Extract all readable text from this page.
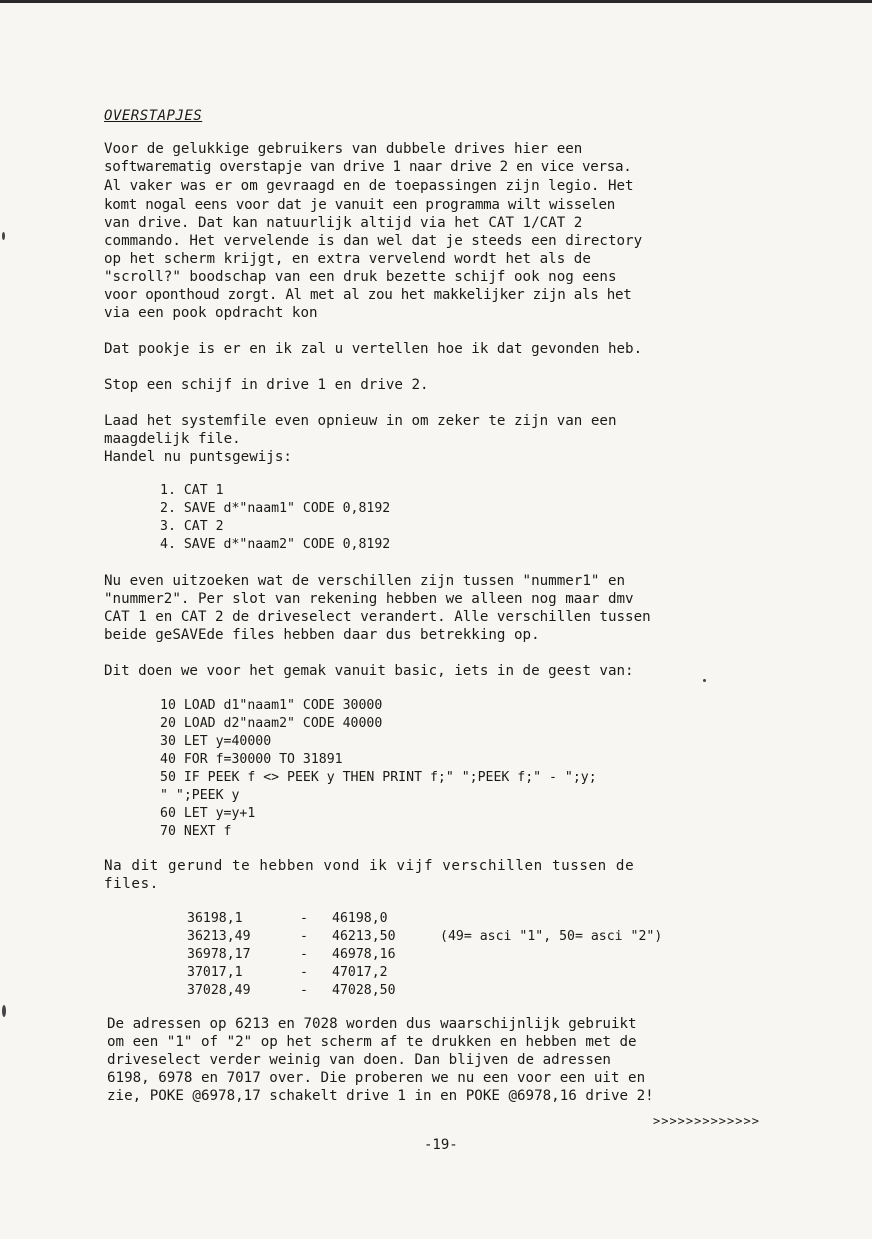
OVERSTAPJES
Voor de gelukkige gebruikers van dubbele drives hier een
softwarematig overstapje van drive 1 naar drive 2 en vice versa.
Al vaker was er om gevraagd en de toepassingen zijn legio. Het
komt nogal eens voor dat je vanuit een programma wilt wisselen
van drive. Dat kan natuurlijk altijd via het CAT 1/CAT 2
commando. Het vervelende is dan wel dat je steeds een directory
op het scherm krijgt, en extra vervelend wordt het als de
"scroll?" boodschap van een druk bezette schijf ook nog eens
voor oponthoud zorgt. Al met al zou het makkelijker zijn als het
via een pook opdracht kon
Dat pookje is er en ik zal u vertellen hoe ik dat gevonden heb.
Stop een schijf in drive 1 en drive 2.
Laad het systemfile even opnieuw in om zeker te zijn van een
maagdelijk file.
Handel nu puntsgewijs:
1. CAT 1
2. SAVE d*"naam1" CODE 0,8192
3. CAT 2
4. SAVE d*"naam2" CODE 0,8192
Nu even uitzoeken wat de verschillen zijn tussen "nummer1" en
"nummer2". Per slot van rekening hebben we alleen nog maar dmv
CAT 1 en CAT 2 de driveselect verandert. Alle verschillen tussen
beide geSAVEde files hebben daar dus betrekking op.
Dit doen we voor het gemak vanuit basic, iets in de geest van:
10 LOAD d1"naam1" CODE 30000
20 LOAD d2"naam2" CODE 40000
30 LET y=40000
40 FOR f=30000 TO 31891
50 IF PEEK f <> PEEK y THEN PRINT f;" ";PEEK f;" - ";y;
" ";PEEK y
60 LET y=y+1
70 NEXT f
Na dit gerund te hebben vond ik vijf verschillen tussen de
files.
36198,1	- 46198,0
36213,49	- 46213,50	(49= asci "1", 50= asci "2")
36978,17	- 46978,16
37017,1	- 47017,2
37028,49	- 47028,50
De adressen op 6213 en 7028 worden dus waarschijnlijk gebruikt
om een "1" of "2" op het scherm af te drukken en hebben met de
driveselect verder weinig van doen. Dan blijven de adressen
6198, 6978 en 7017 over. Die proberen we nu een voor een uit en
zie, POKE @6978,17 schakelt drive 1 in en POKE @6978,16 drive 2!
>>>>>>>>>>>>>
-19-
